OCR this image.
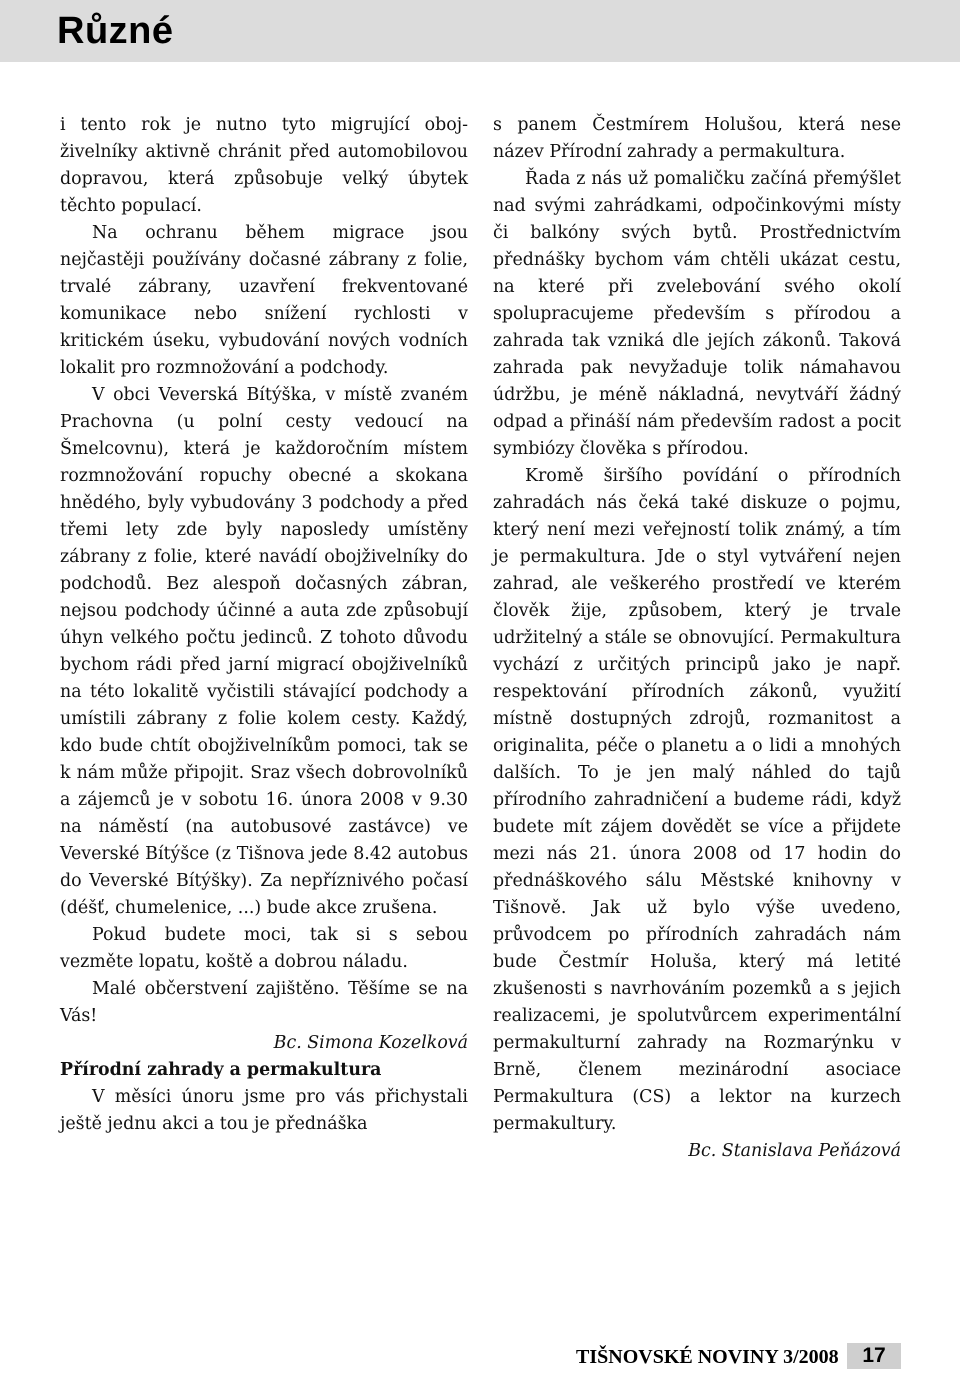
Různé

i tento rok je nutno tyto migrující obojživelníky aktivně chránit před automobilovou dopravou, která způsobuje velký úbytek těchto populací.

Na ochranu během migrace jsou nejčastěji používány dočasné zábrany z folie, trvalé zábrany, uzavření frekventované komunikace nebo snížení rychlosti v kritickém úseku, vybudování nových vodních lokalit pro rozmnožování a podchody.

V obci Veverská Bítýška, v místě zvaném Prachovna (u polní cesty vedoucí na Šmelcovnu), která je každoročním místem rozmnožování ropuchy obecné a skokana hnědého, byly vybudovány 3 podchody a před třemi lety zde byly naposledy umístěny zábrany z folie, které navádí obojživelníky do podchodů. Bez alespoň dočasných zábran, nejsou podchody účinné a auta zde způsobují úhyn velkého počtu jedinců. Z tohoto důvodu bychom rádi před jarní migrací obojživelníků na této lokalitě vyčistili stávající podchody a umístili zábrany z folie kolem cesty. Každý, kdo bude chtít obojživelníkům pomoci, tak se k nám může připojit. Sraz všech dobrovolníků a zájemců je v sobotu 16. února 2008 v 9.30 na náměstí (na autobusové zastávce) ve Veverské Bítýšce (z Tišnova jede 8.42 autobus do Veverské Bítýšky). Za nepříznivého počasí (déšť, chumelenice, ...) bude akce zrušena.

Pokud budete moci, tak si s sebou vezměte lopatu, koště a dobrou náladu.

Malé občerstvení zajištěno. Těšíme se na Vás!

Bc. Simona Kozelková

Přírodní zahrady a permakultura

V měsíci únoru jsme pro vás přichystali ještě jednu akci a tou je přednáška

s panem Čestmírem Holušou, která nese název Přírodní zahrady a permakultura.

Řada z nás už pomaličku začíná přemýšlet nad svými zahrádkami, odpočinkovými místy či balkóny svých bytů. Prostřednictvím přednášky bychom vám chtěli ukázat cestu, na které při zvelebování svého okolí spolupracujeme především s přírodou a zahrada tak vzniká dle jejích zákonů. Taková zahrada pak nevyžaduje tolik námahavou údržbu, je méně nákladná, nevytváří žádný odpad a přináší nám především radost a pocit symbiózy člověka s přírodou.

Kromě širšího povídání o přírodních zahradách nás čeká také diskuze o pojmu, který není mezi veřejností tolik známý, a tím je permakultura. Jde o styl vytváření nejen zahrad, ale veškerého prostředí ve kterém člověk žije, způsobem, který je trvale udržitelný a stále se obnovující. Permakultura vychází z určitých principů jako je např. respektování přírodních zákonů, využití místně dostupných zdrojů, rozmanitost a originalita, péče o planetu a o lidi a mnohých dalších. To je jen malý náhled do tajů přírodního zahradničení a budeme rádi, když budete mít zájem dovědět se více a přijdete mezi nás 21. února 2008 od 17 hodin do přednáškového sálu Městské knihovny v Tišnově. Jak už bylo výše uvedeno, průvodcem po přírodních zahradách nám bude Čestmír Holuša, který má letité zkušenosti s navrhováním pozemků a s jejich realizacemi, je spolutvůrcem experimentální permakulturní zahrady na Rozmarýnku v Brně, členem mezinárodní asociace Permakultura (CS) a lektor na kurzech permakultury.

Bc. Stanislava Peňázová

TIŠNOVSKÉ NOVINY 3/2008	17
